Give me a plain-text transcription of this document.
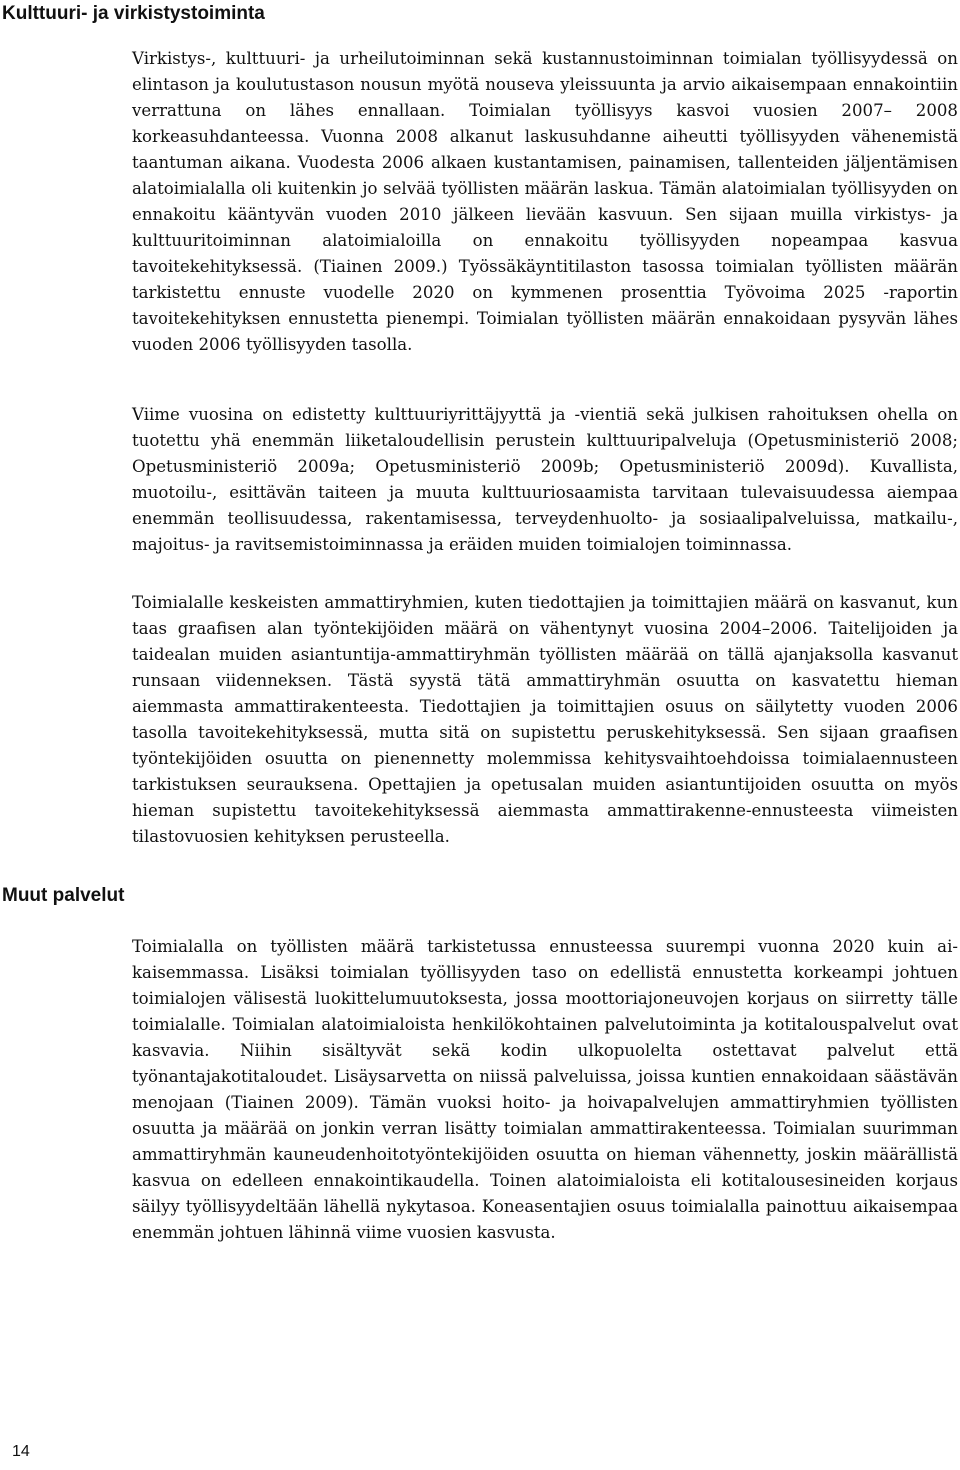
Kulttuuri- ja virkistystoiminta

Virkistys-, kulttuuri- ja urheilutoiminnan sekä kustannustoiminnan toimialan työllisyydessä on elintason ja koulutustason nousun myötä nouseva yleissuunta ja arvio aikaisempaan ennakointiin verrattuna on lähes ennallaan. Toimialan työllisyys kasvoi vuosien 2007– 2008 korkeasuhdanteessa. Vuonna 2008 alkanut laskusuhdanne aiheutti työllisyyden vähenemistä taantuman aikana. Vuodesta 2006 alkaen kustantamisen, painamisen, tallenteiden jäljentämisen alatoimialalla oli kuitenkin jo selvää työllisten määrän laskua. Tämän alatoimialan työllisyyden on ennakoitu kääntyvän vuoden 2010 jälkeen lievään kasvuun. Sen sijaan muilla virkistys- ja kulttuuritoiminnan alatoimialoilla on ennakoitu työllisyyden nopeampaa kasvua tavoitekehityksessä. (Tiainen 2009.) Työssäkäyntitilaston tasossa toimialan työllisten määrän tarkistettu ennuste vuodelle 2020 on kymmenen prosenttia Työvoima 2025 -raportin tavoitekehityksen ennustetta pienempi. Toimialan työllisten määrän ennakoidaan pysyvän lähes vuoden 2006 työllisyyden tasolla.

Viime vuosina on edistetty kulttuuriyrittäjyyttä ja -vientiä sekä julkisen rahoituksen ohella on tuotettu yhä enemmän liiketaloudellisin perustein kulttuuripalveluja (Opetusministeriö 2008; Opetusministeriö 2009a; Opetusministeriö 2009b; Opetusministeriö 2009d). Kuvallista, muotoilu-, esittävän taiteen ja muuta kulttuuriosaamista tarvitaan tulevaisuudessa aiempaa enemmän teollisuudessa, rakentamisessa, terveydenhuolto- ja sosiaalipalveluissa, matkailu-, majoitus- ja ravitsemistoiminnassa ja eräiden muiden toimialojen toiminnassa.

Toimialalle keskeisten ammattiryhmien, kuten tiedottajien ja toimittajien määrä on kasvanut, kun taas graafisen alan työntekijöiden määrä on vähentynyt vuosina 2004–2006. Taitelijoiden ja taidealan muiden asiantuntija-ammattiryhmän työllisten määrää on tällä ajanjaksolla kasvanut runsaan viidenneksen. Tästä syystä tätä ammattiryhmän osuutta on kasvatettu hieman aiemmasta ammattirakenteesta. Tiedottajien ja toimittajien osuus on säilytetty vuoden 2006 tasolla tavoitekehityksessä, mutta sitä on supistettu peruskehityksessä. Sen sijaan graafisen työntekijöiden osuutta on pienennetty molemmissa kehitysvaihtoehdoissa toimialaennusteen tarkistuksen seurauksena. Opettajien ja opetusalan muiden asiantuntijoiden osuutta on myös hieman supistettu tavoitekehityksessä aiemmasta ammattirakenne-ennusteesta viimeisten tilastovuosien kehityksen perusteella.

Muut palvelut

Toimialalla on työllisten määrä tarkistetussa ennusteessa suurempi vuonna 2020 kuin aikaisemmassa. Lisäksi toimialan työllisyyden taso on edellistä ennustetta korkeampi johtuen toimialojen välisestä luokittelumuutoksesta, jossa moottoriajoneuvojen korjaus on siirretty tälle toimialalle. Toimialan alatoimialoista henkilökohtainen palvelutoiminta ja kotitalouspalvelut ovat kasvavia. Niihin sisältyvät sekä kodin ulkopuolelta ostettavat palvelut että työnantajakotitaloudet. Lisäysarvetta on niissä palveluissa, joissa kuntien ennakoidaan säästävän menojaan (Tiainen 2009). Tämän vuoksi hoito- ja hoivapalvelujen ammattiryhmien työllisten osuutta ja määrää on jonkin verran lisätty toimialan ammattirakenteessa. Toimialan suurimman ammattiryhmän kauneudenhoitotyöntekijöiden osuutta on hieman vähennetty, joskin määrällistä kasvua on edelleen ennakointikaudella. Toinen alatoimialoista eli kotitalousesineiden korjaus säilyy työllisyydeltään lähellä nykytasoa. Koneasentajien osuus toimialalla painottuu aikaisempaa enemmän johtuen lähinnä viime vuosien kasvusta.

14
